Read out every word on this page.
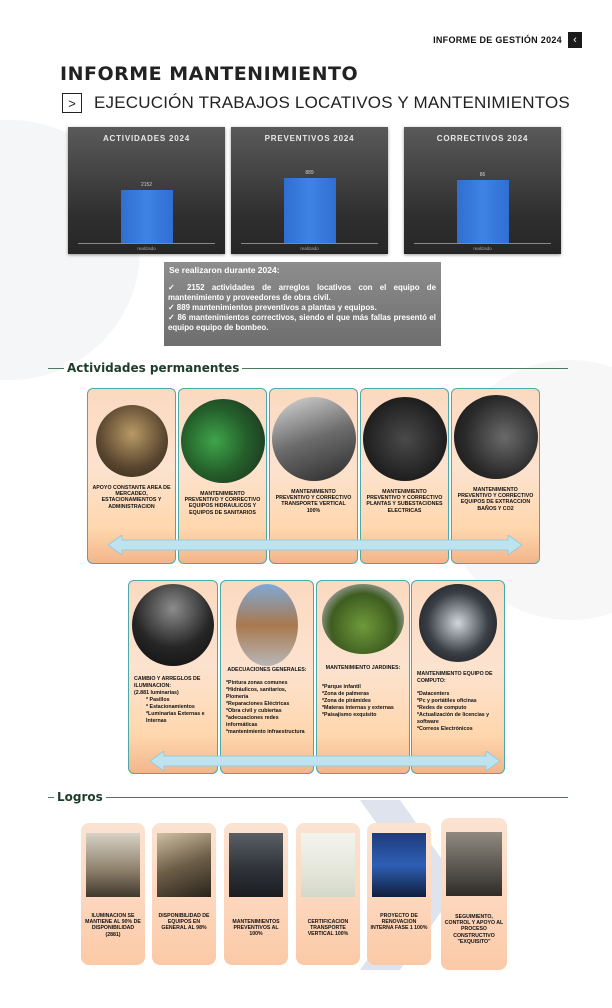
INFORME DE GESTIÓN 2024	‹
INFORME MANTENIMIENTO
>	EJECUCIÓN TRABAJOS LOCATIVOS Y MANTENIMIENTOS
ACTIVIDADES 2024
2152
realizado
PREVENTIVOS 2024
889
realizado
CORRECTIVOS 2024
86
realizado
Se realizaron durante 2024:
✓ 2152 actividades de arreglos locativos con el equipo de mantenimiento y proveedores de obra civil.
✓ 889 mantenimientos preventivos a plantas y equipos.
✓ 86 mantenimientos correctivos, siendo el que más fallas presentó el equipo equipo de bombeo.
Actividades permanentes
APOYO CONSTANTE AREA DE MERCADEO, ESTACIONAMIENTOS Y ADMINISTRACION
MANTENIMIENTO PREVENTIVO Y CORRECTIVO EQUIPOS HIDRAULICOS Y EQUIPOS DE SANITARIOS
MANTENIMIENTO PREVENTIVO Y CORRECTIVO TRANSPORTE VERTICAL 100%
MANTENIMIENTO PREVENTIVO Y CORRECTIVO PLANTAS Y SUBESTACIONES ELECTRICAS
MANTENIMIENTO PREVENTIVO Y CORRECTIVO EQUIPOS DE EXTRACCION BAÑOS Y CO2
CAMBIO Y ARREGLOS DE ILUMINACION:
(2.881 luminarias)
* Pasillos
* Estacionamientos
*Luminarias Externas e Internas
ADECUACIONES GENERALES:
*Pintura zonas comunes
*Hidráulicos, sanitarios, Plomería
*Reparaciones Eléctricas
*Obra civil y cubiertas
*adecuaciones redes informáticas
*mantenimiento infraestructura
MANTENIMIENTO JARDINES:
*Parque infantil
*Zona de palmeras
*Zona de pirámides
*Materas internas y externas
*Paisajismo exquisito
MANTENIMIENTO EQUIPO DE COMPUTO:
*Datacenters
*Pc y portátiles oficinas
*Redes de computo
*Actualización de licencias y software
*Correos Electrónicos
Logros
ILUMINACION SE MANTIENE AL 90% DE DISPONIBILIDAD (2881)
DISPONIBILIDAD DE EQUIPOS EN GENERAL AL 98%
MANTENIMIENTOS PREVENTIVOS AL 100%
CERTIFICACION TRANSPORTE VERTICAL 100%
PROYECTO DE RENOVACION INTERNA FASE 1 100%
SEGUIMIENTO, CONTROL Y APOYO AL PROCESO CONSTRUCTIVO "EXQUISITO"
